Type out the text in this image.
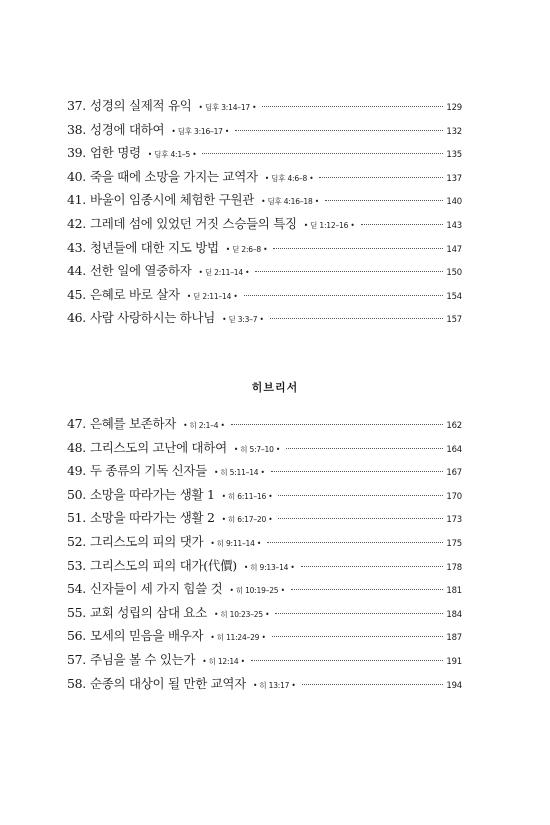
37. 성경의 실제적 유익 • 딤후 3:14–17 •	129
38. 성경에 대하여 • 딤후 3:16–17 •	132
39. 엄한 명령 • 딤후 4:1–5 •	135
40. 죽을 때에 소망을 가지는 교역자 • 딤후 4:6–8 •	137
41. 바울이 임종시에 체험한 구원관 • 딤후 4:16–18 •	140
42. 그레데 섬에 있었던 거짓 스승들의 특징 • 딛 1:12–16 •	143
43. 청년들에 대한 지도 방법 • 딛 2:6–8 •	147
44. 선한 일에 열중하자 • 딛 2:11–14 •	150
45. 은혜로 바로 살자 • 딛 2:11–14 •	154
46. 사람 사랑하시는 하나님 • 딛 3:3–7 •	157
히브리서
47. 은혜를 보존하자 • 히 2:1–4 •	162
48. 그리스도의 고난에 대하여 • 히 5:7–10 •	164
49. 두 종류의 기독 신자들 • 히 5:11–14 •	167
50. 소망을 따라가는 생활 1 • 히 6:11–16 •	170
51. 소망을 따라가는 생활 2 • 히 6:17–20 •	173
52. 그리스도의 피의 댓가 • 히 9:11–14 •	175
53. 그리스도의 피의 대가(代價) • 히 9:13–14 •	178
54. 신자들이 세 가지 힘쓸 것 • 히 10:19–25 •	181
55. 교회 성립의 삼대 요소 • 히 10:23–25 •	184
56. 모세의 믿음을 배우자 • 히 11:24–29 •	187
57. 주님을 볼 수 있는가 • 히 12:14 •	191
58. 순종의 대상이 될 만한 교역자 • 히 13:17 •	194
